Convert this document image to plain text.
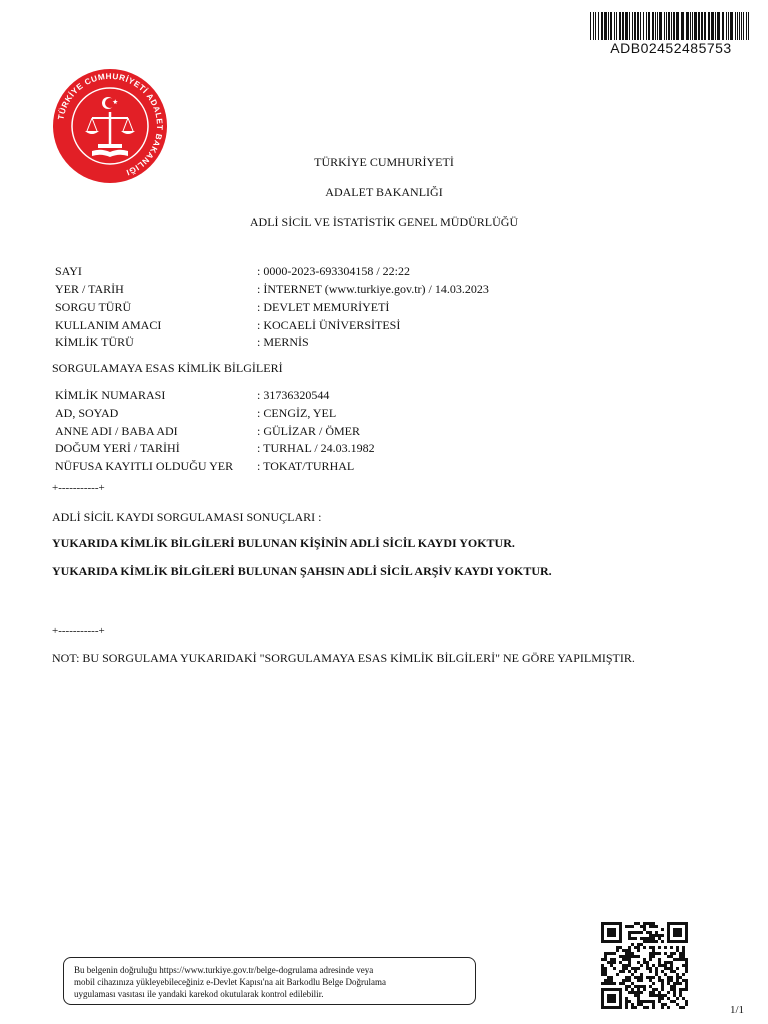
ADB02452485753
TÜRKİYE CUMHURİYETİ ADALET BAKANLIĞI
TÜRKİYE CUMHURİYETİ
ADALET BAKANLIĞI
ADLİ SİCİL VE İSTATİSTİK GENEL MÜDÜRLÜĞÜ
SAYI	: 0000-2023-693304158 / 22:22
YER / TARİH	: İNTERNET (www.turkiye.gov.tr) / 14.03.2023
SORGU TÜRÜ	: DEVLET MEMURİYETİ
KULLANIM AMACI	: KOCAELİ ÜNİVERSİTESİ
KİMLİK TÜRÜ	: MERNİS
SORGULAMAYA ESAS KİMLİK BİLGİLERİ
KİMLİK NUMARASI	: 31736320544
AD, SOYAD	: CENGİZ, YEL
ANNE ADI / BABA ADI	: GÜLİZAR / ÖMER
DOĞUM YERİ / TARİHİ	: TURHAL / 24.03.1982
NÜFUSA KAYITLI OLDUĞU YER : TOKAT/TURHAL
+-----------+
ADLİ SİCİL KAYDI SORGULAMASI SONUÇLARI :
YUKARIDA KİMLİK BİLGİLERİ BULUNAN KİŞİNİN ADLİ SİCİL KAYDI YOKTUR.
YUKARIDA KİMLİK BİLGİLERİ BULUNAN ŞAHSIN ADLİ SİCİL ARŞİV KAYDI YOKTUR.
+-----------+
NOT: BU SORGULAMA YUKARIDAKİ "SORGULAMAYA ESAS KİMLİK BİLGİLERİ" NE GÖRE YAPILMIŞTIR.
Bu belgenin doğruluğu https://www.turkiye.gov.tr/belge-dogrulama adresinde veya
mobil cihazınıza yükleyebileceğiniz e-Devlet Kapısı'na ait Barkodlu Belge Doğrulama
uygulaması vasıtası ile yandaki karekod okutularak kontrol edilebilir.
1/1
